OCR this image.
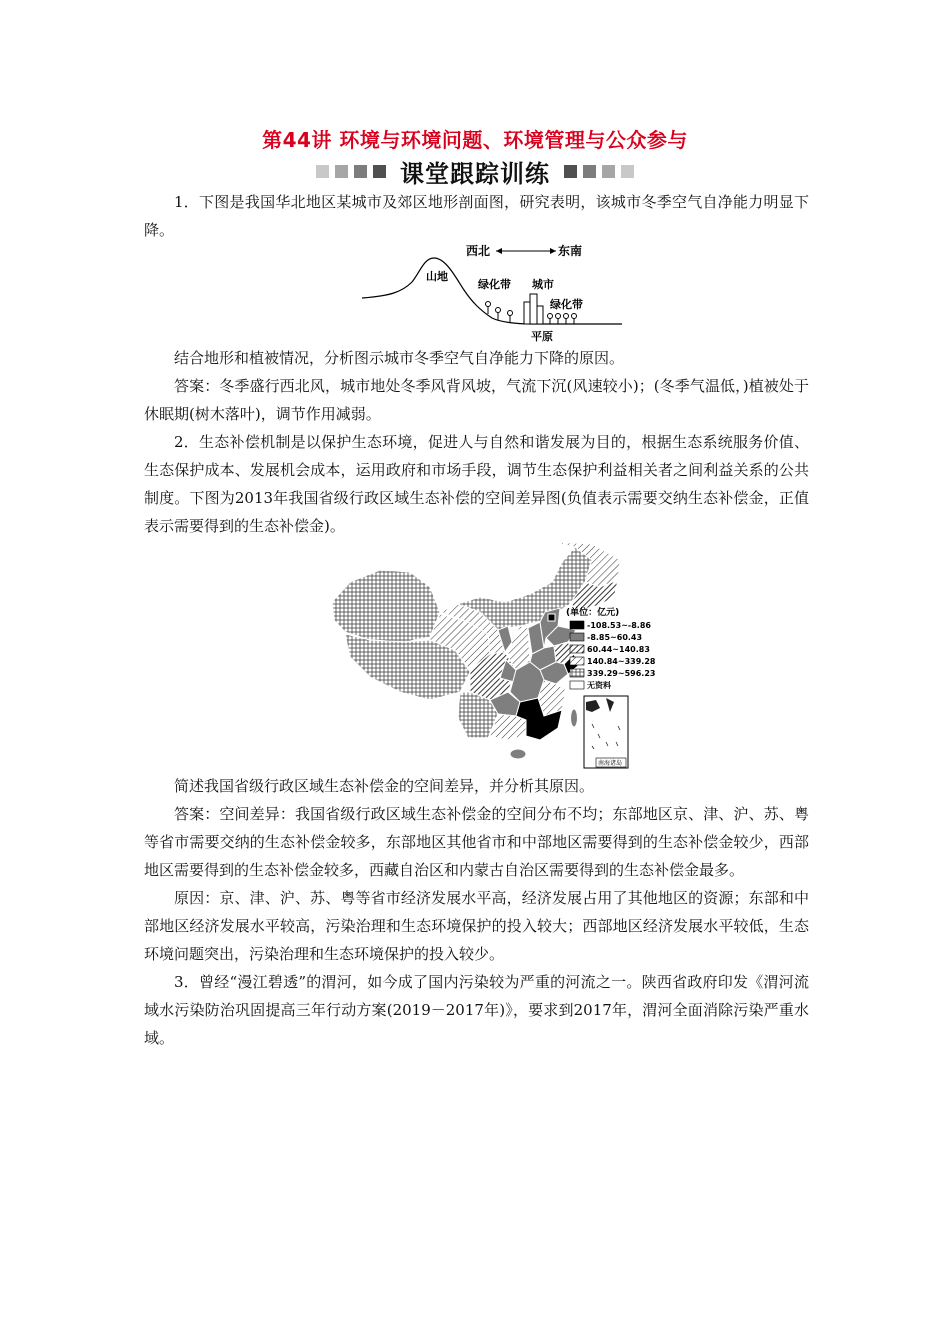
第44讲 环境与环境问题、环境管理与公众参与
课堂跟踪训练

1．下图是我国华北地区某城市及郊区地形剖面图，研究表明，该城市冬季空气自净能力明显下降。

西北	东南
山地
绿化带 城市
绿化带
平原

结合地形和植被情况，分析图示城市冬季空气自净能力下降的原因。

答案：冬季盛行西北风，城市地处冬季风背风坡，气流下沉(风速较小)；(冬季气温低，)植被处于休眠期(树木落叶)，调节作用减弱。

2．生态补偿机制是以保护生态环境，促进人与自然和谐发展为目的，根据生态系统服务价值、生态保护成本、发展机会成本，运用政府和市场手段，调节生态保护利益相关者之间利益关系的公共制度。下图为2013年我国省级行政区域生态补偿的空间差异图(负值表示需要交纳生态补偿金，正值表示需要得到的生态补偿金)。

(单位：亿元)
-108.53~-8.86
-8.85~60.43
60.44~140.83
140.84~339.28
339.29~596.23
无资料
南海诸岛

简述我国省级行政区域生态补偿金的空间差异，并分析其原因。

答案：空间差异：我国省级行政区域生态补偿金的空间分布不均；东部地区京、津、沪、苏、粤等省市需要交纳的生态补偿金较多，东部地区其他省市和中部地区需要得到的生态补偿金较少，西部地区需要得到的生态补偿金较多，西藏自治区和内蒙古自治区需要得到的生态补偿金最多。

原因：京、津、沪、苏、粤等省市经济发展水平高，经济发展占用了其他地区的资源；东部和中部地区经济发展水平较高，污染治理和生态环境保护的投入较大；西部地区经济发展水平较低，生态环境问题突出，污染治理和生态环境保护的投入较少。

3．曾经“漫江碧透”的渭河，如今成了国内污染较为严重的河流之一。陕西省政府印发《渭河流域水污染防治巩固提高三年行动方案(2019－2017年)》，要求到2017年，渭河全面消除污染严重水域。
